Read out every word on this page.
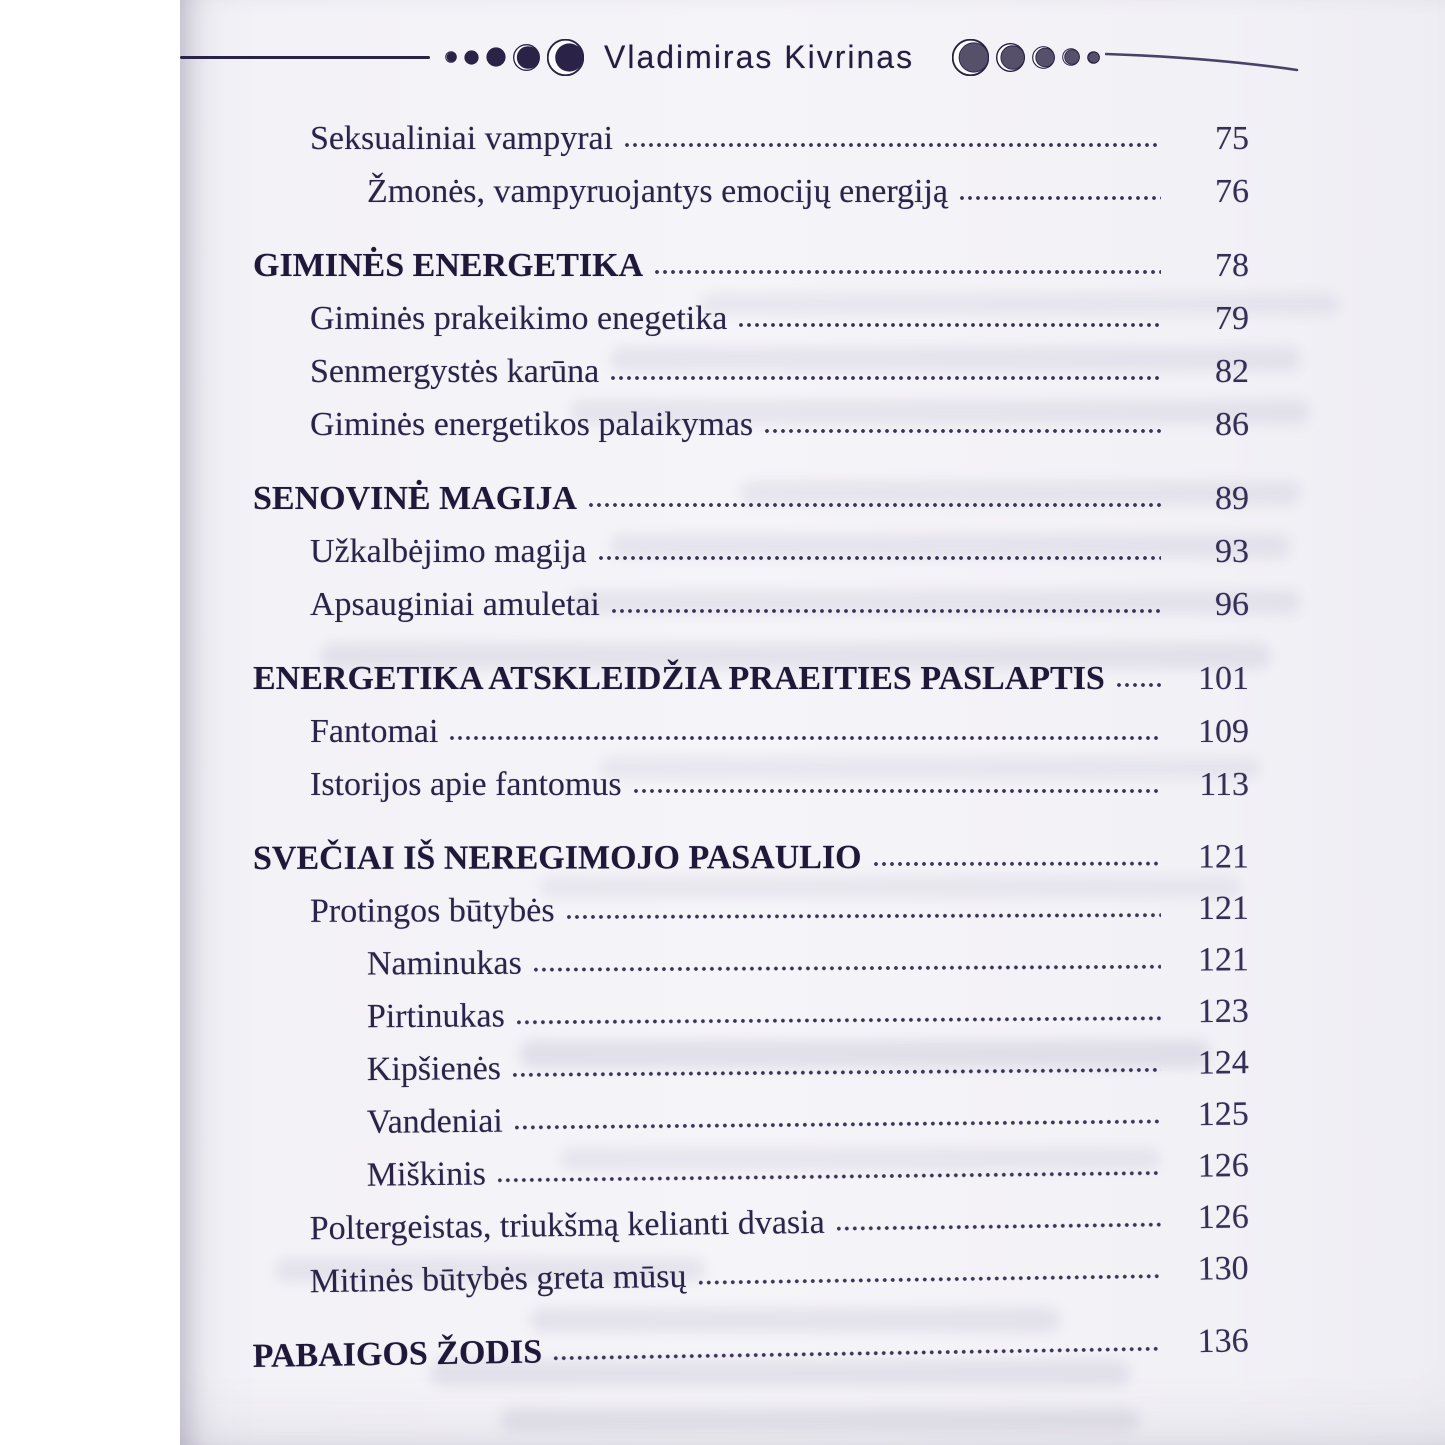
Vladimiras Kivrinas
Seksualiniai vampyrai	75
Žmonės, vampyruojantys emocijų energiją	76
GIMINĖS ENERGETIKA	78
Giminės prakeikimo enegetika	79
Senmergystės karūna	82
Giminės energetikos palaikymas	86
SENOVINĖ MAGIJA	89
Užkalbėjimo magija	93
Apsauginiai amuletai	96
ENERGETIKA ATSKLEIDŽIA PRAEITIES PASLAPTIS	101
Fantomai	109
Istorijos apie fantomus	113
SVEČIAI IŠ NEREGIMOJO PASAULIO	121
Protingos būtybės	121
Naminukas	121
Pirtinukas	123
Kipšienės	124
Vandeniai	125
Miškinis	126
Poltergeistas, triukšmą kelianti dvasia	126
Mitinės būtybės greta mūsų	130
PABAIGOS ŽODIS	136
